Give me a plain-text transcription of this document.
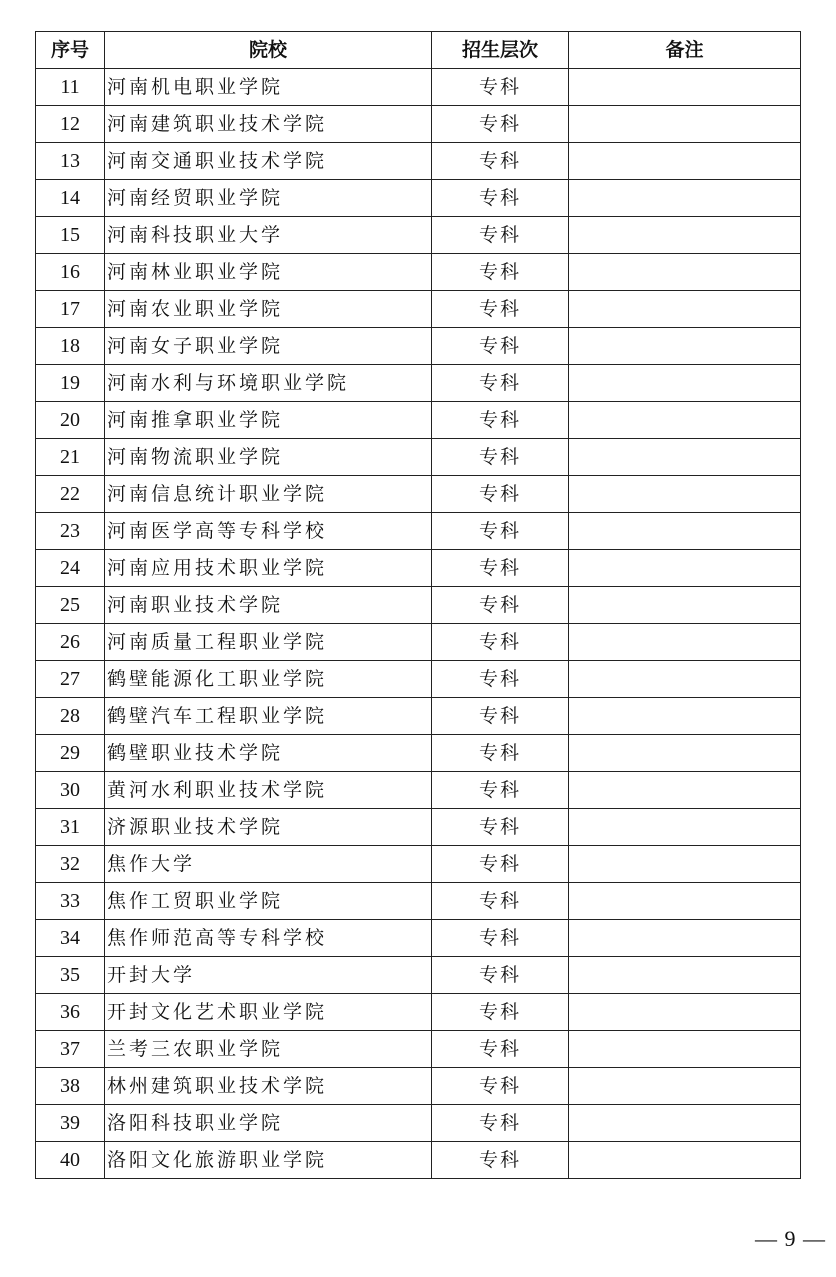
序号	院校	招生层次	备注
11	河南机电职业学院	专科	
12	河南建筑职业技术学院	专科	
13	河南交通职业技术学院	专科	
14	河南经贸职业学院	专科	
15	河南科技职业大学	专科	
16	河南林业职业学院	专科	
17	河南农业职业学院	专科	
18	河南女子职业学院	专科	
19	河南水利与环境职业学院	专科	
20	河南推拿职业学院	专科	
21	河南物流职业学院	专科	
22	河南信息统计职业学院	专科	
23	河南医学高等专科学校	专科	
24	河南应用技术职业学院	专科	
25	河南职业技术学院	专科	
26	河南质量工程职业学院	专科	
27	鹤壁能源化工职业学院	专科	
28	鹤壁汽车工程职业学院	专科	
29	鹤壁职业技术学院	专科	
30	黄河水利职业技术学院	专科	
31	济源职业技术学院	专科	
32	焦作大学	专科	
33	焦作工贸职业学院	专科	
34	焦作师范高等专科学校	专科	
35	开封大学	专科	
36	开封文化艺术职业学院	专科	
37	兰考三农职业学院	专科	
38	林州建筑职业技术学院	专科	
39	洛阳科技职业学院	专科	
40	洛阳文化旅游职业学院	专科	
— 9 —
